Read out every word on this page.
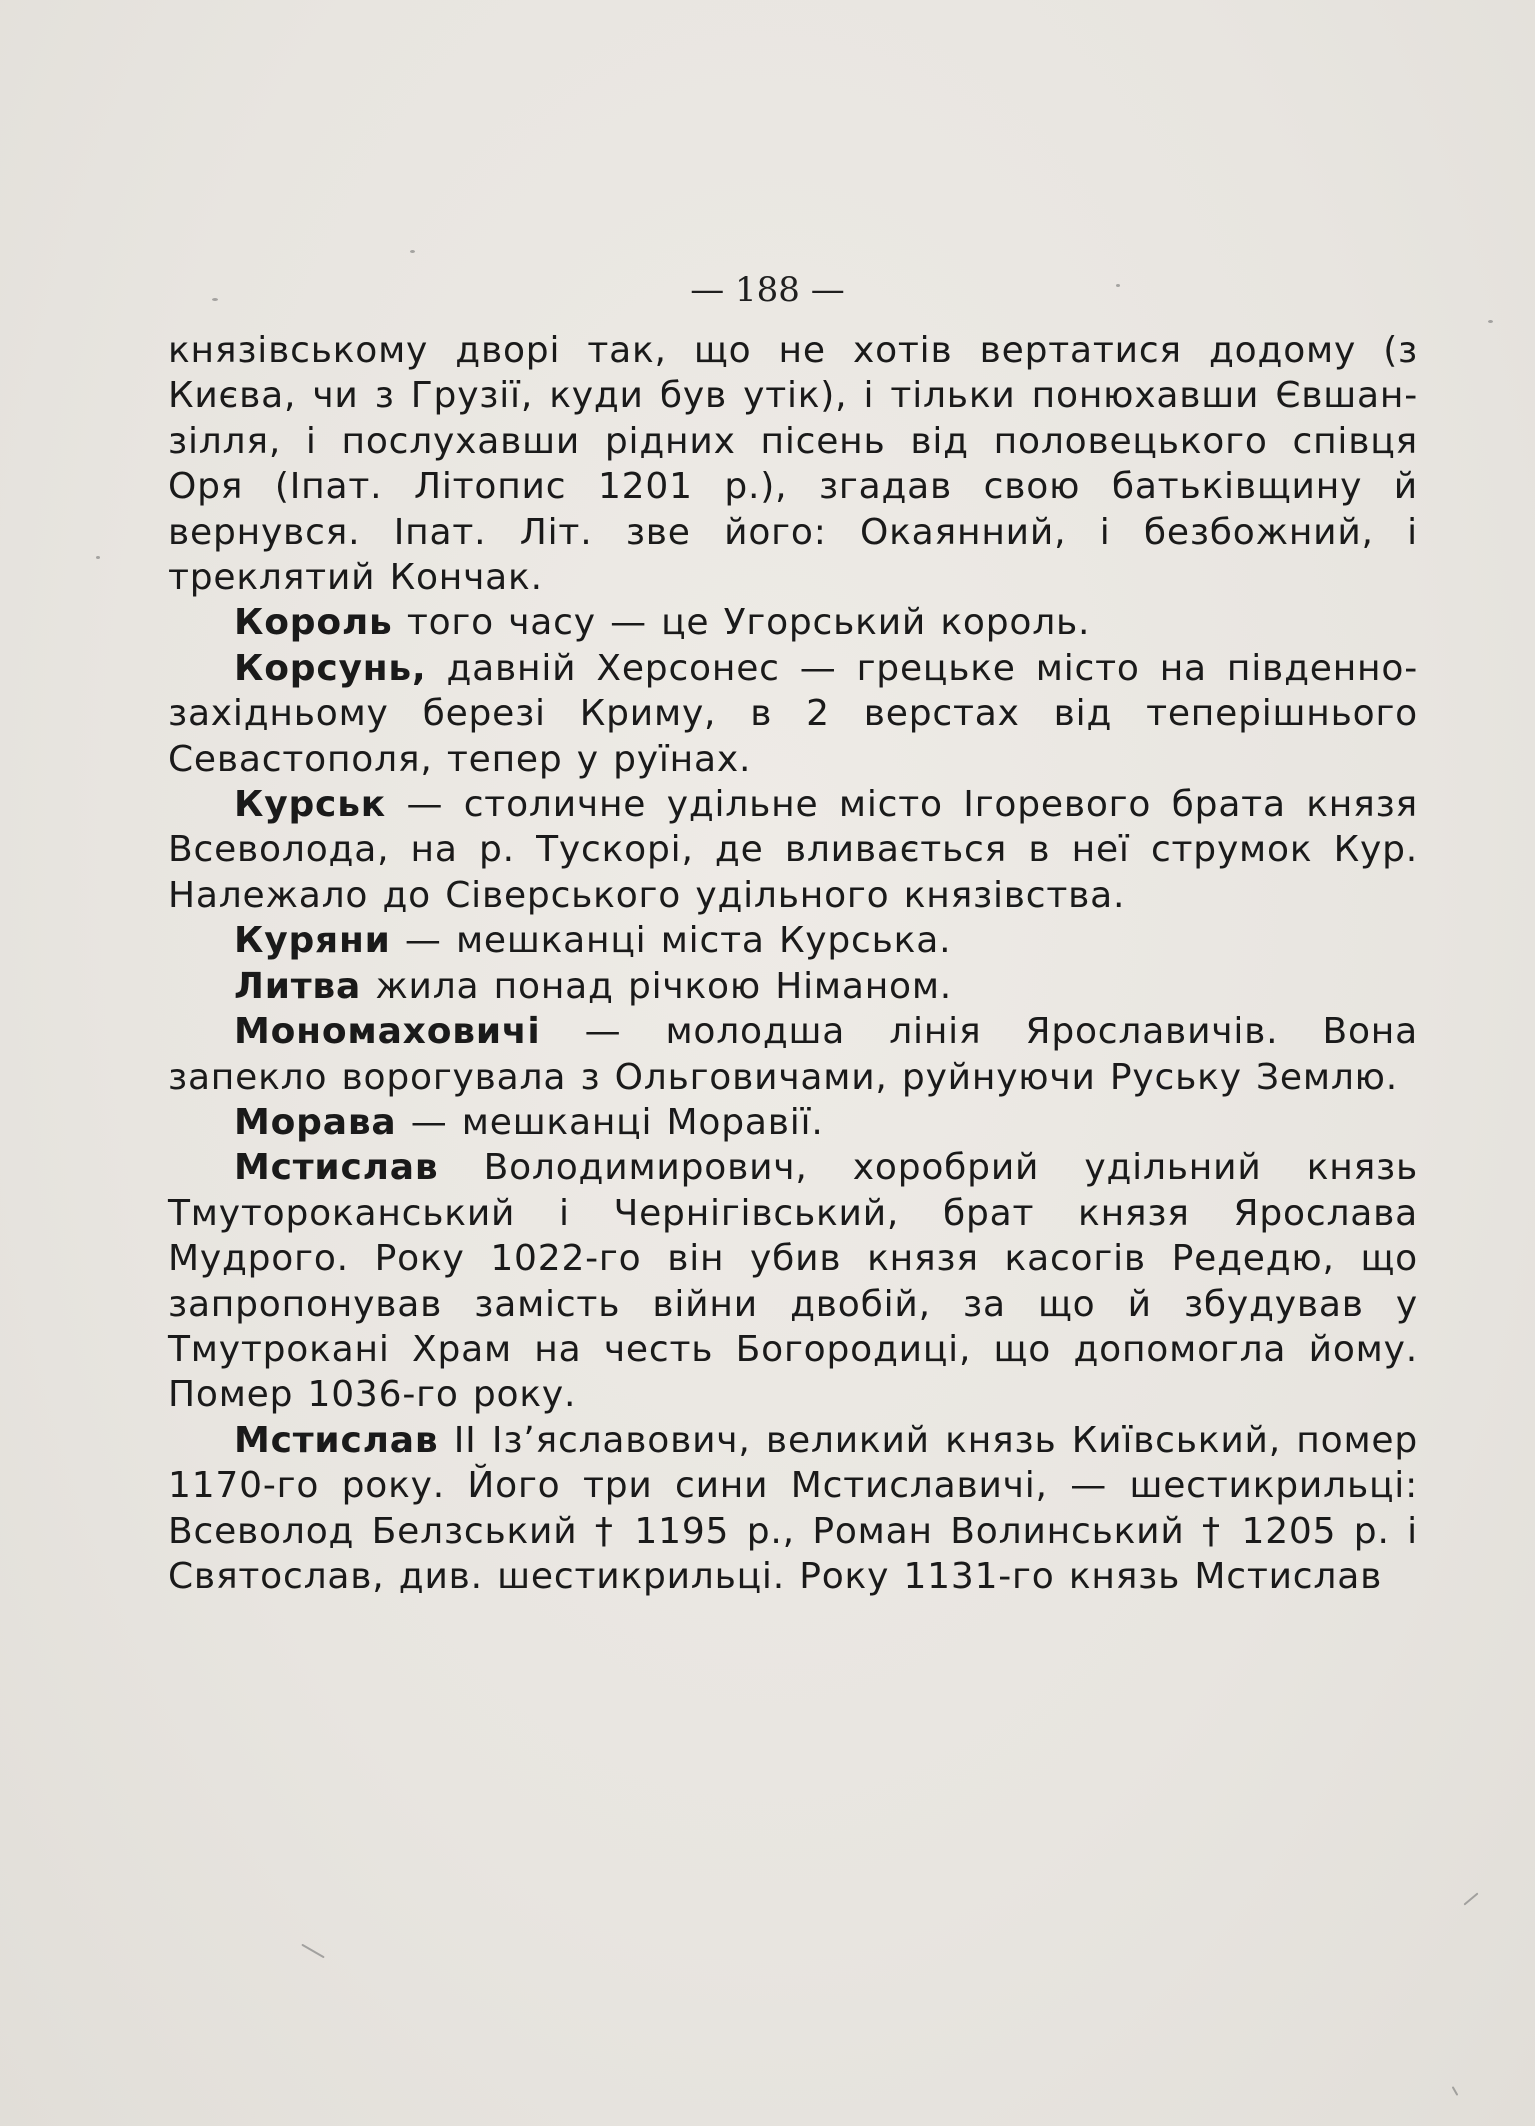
— 188 —

князівському дворі так, що не хотів вертатися додому (з Києва, чи з Грузії, куди був утік), і тільки понюхавши Євшан-зілля, і послухавши рідних пісень від половецького співця Оря (Іпат. Літопис 1201 р.), згадав свою батьківщину й вернувся. Іпат. Літ. зве його: Окаянний, і безбожний, і треклятий Кончак.

Король того часу — це Угорський король.

Корсунь, давній Херсонес — грецьке місто на південно-західньому березі Криму, в 2 верстах від теперішнього Севастополя, тепер у руїнах.

Курськ — столичне удільне місто Ігоревого брата князя Всеволода, на р. Тускорі, де вливається в неї струмок Кур. Належало до Сіверського удільного князівства.

Куряни — мешканці міста Курська.

Литва жила понад річкою Німаном.

Мономаховичі — молодша лінія Ярославичів. Вона запекло ворогувала з Ольговичами, руйнуючи Руську Землю.

Морава — мешканці Моравії.

Мстислав Володимирович, хоробрий удільний князь Тмутороканський і Чернігівський, брат князя Ярослава Мудрого. Року 1022-го він убив князя касогів Редедю, що запропонував замість війни двобій, за що й збудував у Тмутрокані Храм на честь Богородиці, що допомогла йому. Помер 1036-го року.

Мстислав II Із’яславович, великий князь Київський, помер 1170-го року. Його три сини Мстиславичі, — шестикрильці: Всеволод Белзський † 1195 р., Роман Волинський † 1205 р. і Святослав, див. шестикрильці. Року 1131-го князь Мстислав
